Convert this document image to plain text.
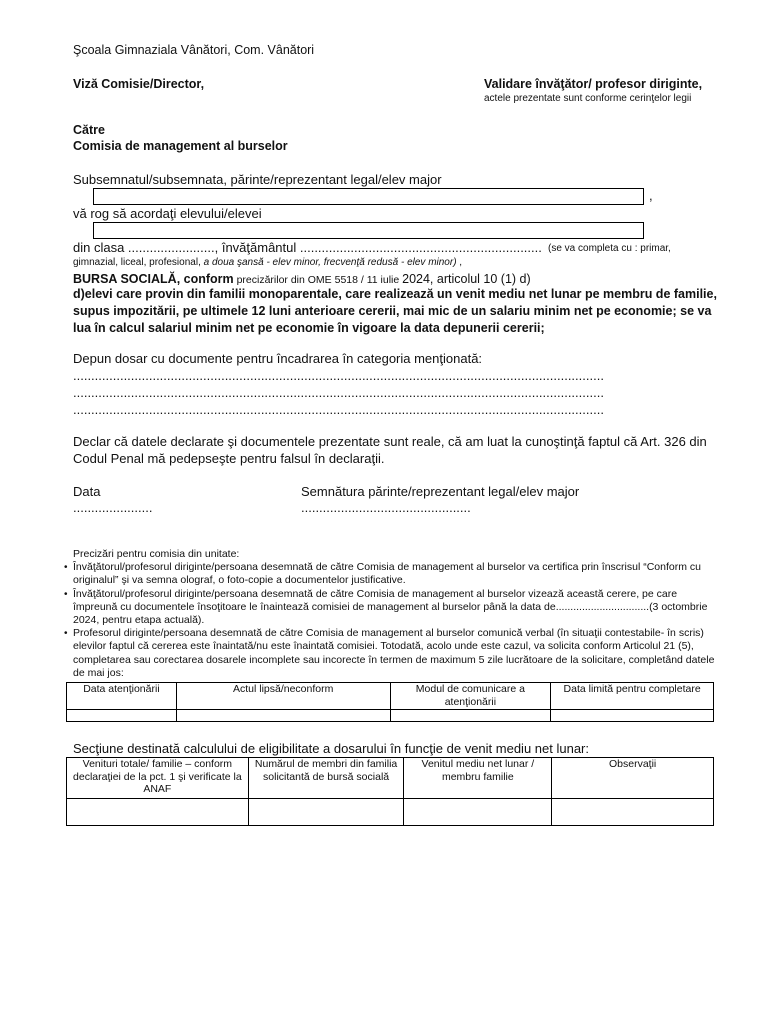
Şcoala Gimnaziala Vânători, Com. Vânători
Viză Comisie/Director,	Validare învăţător/ profesor diriginte,
actele prezentate sunt conforme cerinţelor legii
Către
Comisia de management al burselor
Subsemnatul/subsemnata, părinte/reprezentant legal/elev major
,
vă rog să acordaţi elevului/elevei
din clasa ........................, învăţământul ................................................................... (se va completa cu : primar,
gimnazial, liceal, profesional, a doua şansă - elev minor, frecvenţă redusă - elev minor) ,
BURSA SOCIALĂ, conform precizărilor din OME 5518 / 11 iulie 2024, articolul 10 (1) d)
d)elevi care provin din familii monoparentale, care realizează un venit mediu net lunar pe membru de familie, supus impozitării, pe ultimele 12 luni anterioare cererii, mai mic de un salariu minim net pe economie; se va lua în calcul salariul minim net pe economie în vigoare la data depunerii cererii;
Depun dosar cu documente pentru încadrarea în categoria menţionată:
...................................................................................................................................................
...................................................................................................................................................
...................................................................................................................................................
Declar că datele declarate şi documentele prezentate sunt reale, că am luat la cunoştinţă faptul că Art. 326 din Codul Penal mă pedepseşte pentru falsul în declaraţii.
Data
......................
Semnătura părinte/reprezentant legal/elev major
...............................................
Precizări pentru comisia din unitate:
• Învăţătorul/profesorul diriginte/persoana desemnată de către Comisia de management al burselor va certifica prin înscrisul “Conform cu originalul” şi va semna olograf, o foto-copie a documentelor justificative.
• Învăţătorul/profesorul diriginte/persoana desemnată de către Comisia de management al burselor vizează această cerere, pe care împreună cu documentele însoţitoare le înaintează comisiei de management al burselor până la data de................................(3 octombrie 2024, pentru etapa actuală).
• Profesorul diriginte/persoana desemnată de către Comisia de management al burselor comunică verbal (în situaţii contestabile- în scris) elevilor faptul că cererea este înaintată/nu este înaintată comisiei. Totodată, acolo unde este cazul, va solicita conform Articolul 21 (5), completarea sau corectarea dosarele incomplete sau incorecte în termen de maximum 5 zile lucrătoare de la solicitare, completând datele de mai jos:
Data atenţionării	Actul lipsă/neconform	Modul de comunicare a atenţionării	Data limită pentru completare

Secţiune destinată calculului de eligibilitate a dosarului în funcţie de venit mediu net lunar:
Venituri totale/ familie – conform declaraţiei de la pct. 1 şi verificate la ANAF	Numărul de membri din familia solicitantă de bursă socială	Venitul mediu net lunar / membru familie	Observaţii
